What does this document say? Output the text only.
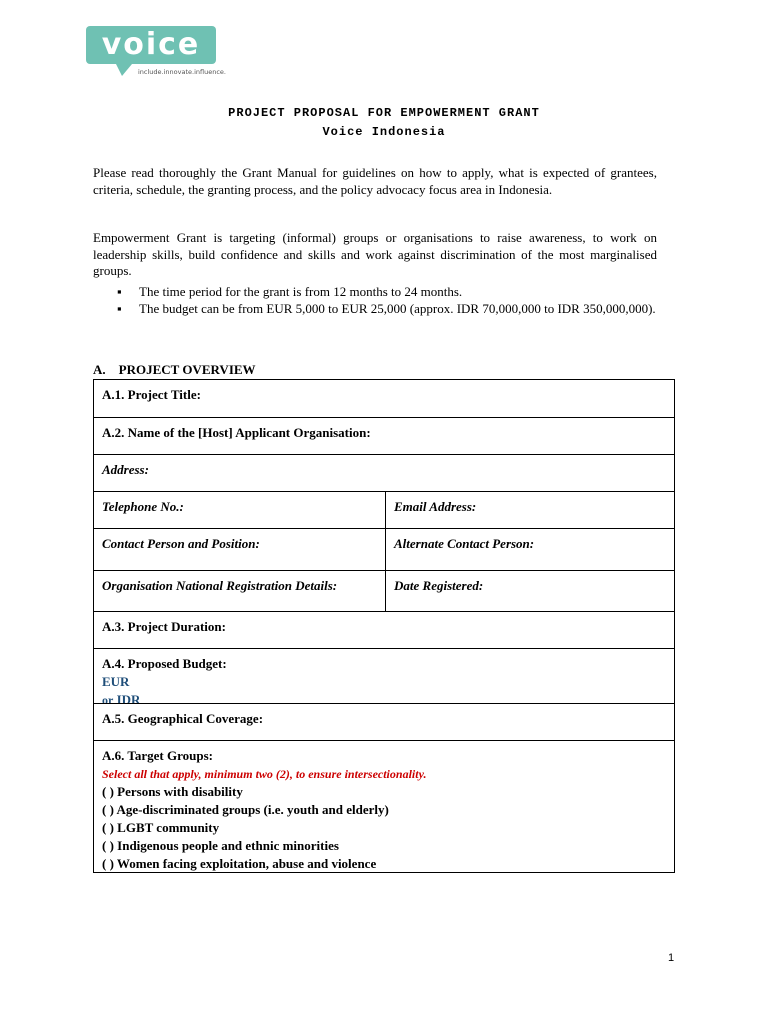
voice
include.innovate.influence.
PROJECT PROPOSAL FOR EMPOWERMENT GRANT
Voice Indonesia
Please read thoroughly the Grant Manual for guidelines on how to apply, what is expected of grantees, criteria, schedule, the granting process, and the policy advocacy focus area in Indonesia.
Empowerment Grant is targeting (informal) groups or organisations to raise awareness, to work on leadership skills, build confidence and skills and work against discrimination of the most marginalised groups.
▪ The time period for the grant is from 12 months to 24 months.
▪ The budget can be from EUR 5,000 to EUR 25,000 (approx. IDR 70,000,000 to IDR 350,000,000).
A.    PROJECT OVERVIEW
A.1. Project Title:
A.2. Name of the [Host] Applicant Organisation:
Address:
Telephone No.:	Email Address:
Contact Person and Position:	Alternate Contact Person:
Organisation National Registration Details:	Date Registered:
A.3. Project Duration:
A.4. Proposed Budget:
EUR
or IDR
A.5. Geographical Coverage:
A.6. Target Groups:
Select all that apply, minimum two (2), to ensure intersectionality.
( ) Persons with disability
( ) Age-discriminated groups (i.e. youth and elderly)
( ) LGBT community
( ) Indigenous people and ethnic minorities
( ) Women facing exploitation, abuse and violence
1
